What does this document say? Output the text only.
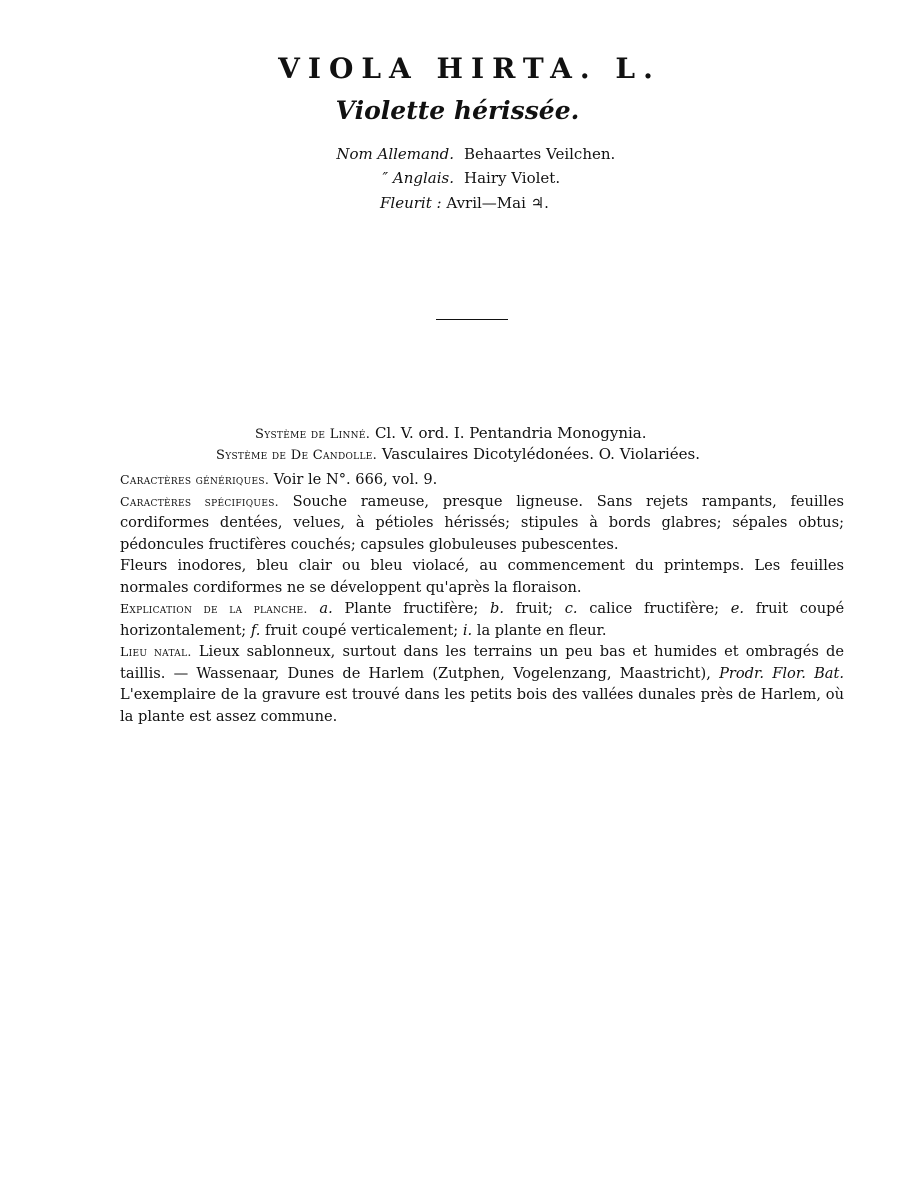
VIOLA HIRTA. L.
Violette hérissée.
Nom Allemand. Behaartes Veilchen.
″ Anglais. Hairy Violet.
Fleurit : Avril—Mai ♃.
Système de Linné. Cl. V. ord. I. Pentandria Monogynia.
Système de De Candolle. Vasculaires Dicotylédonées. O. Violariées.

Caractères génériques. Voir le N°. 666, vol. 9.

Caractères spécifiques. Souche rameuse, presque ligneuse. Sans rejets rampants, feuilles cordiformes dentées, velues, à pétioles hérissés; stipules à bords glabres; sépales obtus; pédoncules fructifères couchés; capsules globuleuses pubescentes.

Fleurs inodores, bleu clair ou bleu violacé, au commencement du printemps. Les feuilles normales cordiformes ne se développent qu'après la floraison.

Explication de la planche. a. Plante fructifère; b. fruit; c. calice fructifère; e. fruit coupé horizontalement; f. fruit coupé verticalement; i. la plante en fleur.

Lieu natal. Lieux sablonneux, surtout dans les terrains un peu bas et humides et ombragés de taillis. — Wassenaar, Dunes de Harlem (Zutphen, Vogelenzang, Maastricht), Prodr. Flor. Bat. L'exemplaire de la gravure est trouvé dans les petits bois des vallées dunales près de Harlem, où la plante est assez commune.
